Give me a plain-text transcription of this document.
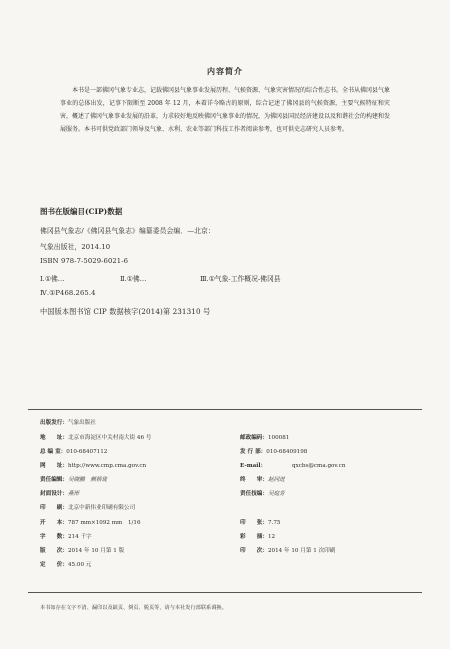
内容简介
本书是一部佛冈气象专业志，记载佛冈县气象事业发展历程、气候资源、气象灾害情况的综合性志书。全书从佛冈县气象事业的总体出发，记事下限断至 2008 年 12 月，本着详今略古的原则，综合记述了佛冈县的气候资源，主要气候特征和灾害，概述了佛冈气象事业发展的沿革，力求较好地反映佛冈气象事业的情况，为佛冈县国民经济建设以及和谐社会的构建和发展服务。本书可供党政部门领导及气象、水利、农业等部门科技工作者阅读参考，也可供史志研究人员参考。
图书在版编目(CIP)数据
佛冈县气象志/《佛冈县气象志》编纂委员会编．—北京：
气象出版社，2014.10
ISBN 978-7-5029-6021-6
Ⅰ.①佛…	Ⅱ.①佛…	Ⅲ.①气象-工作概况-佛冈县
Ⅳ.①P468.265.4
中国版本图书馆 CIP 数据核字(2014)第 231310 号
出版发行：气象出版社
地　　址：北京市海淀区中关村南大街 46 号	邮政编码：100081
总 编 室：010-68407112	发 行 部：010-68409198
网　　址：http://www.cmp.cma.gov.cn	E-mail：	qxcbs@cma.gov.cn
责任编辑：吴晓鹏　颜娇珑	终　　审：赵同进
封面设计：燕彤	责任技编：吴庭芳
印　　刷：北京中新伟业印刷有限公司
开　　本：787 mm×1092 mm　1/16	印　　张：7.75
字　　数：214 千字	彩　　插：12
版　　次：2014 年 10 月第 1 版	印　　次：2014 年 10 月第 1 次印刷
定　　价：45.00 元
本书如存在文字不清、漏印以及缺页、倒页、脱页等，请与本社发行部联系调换。
